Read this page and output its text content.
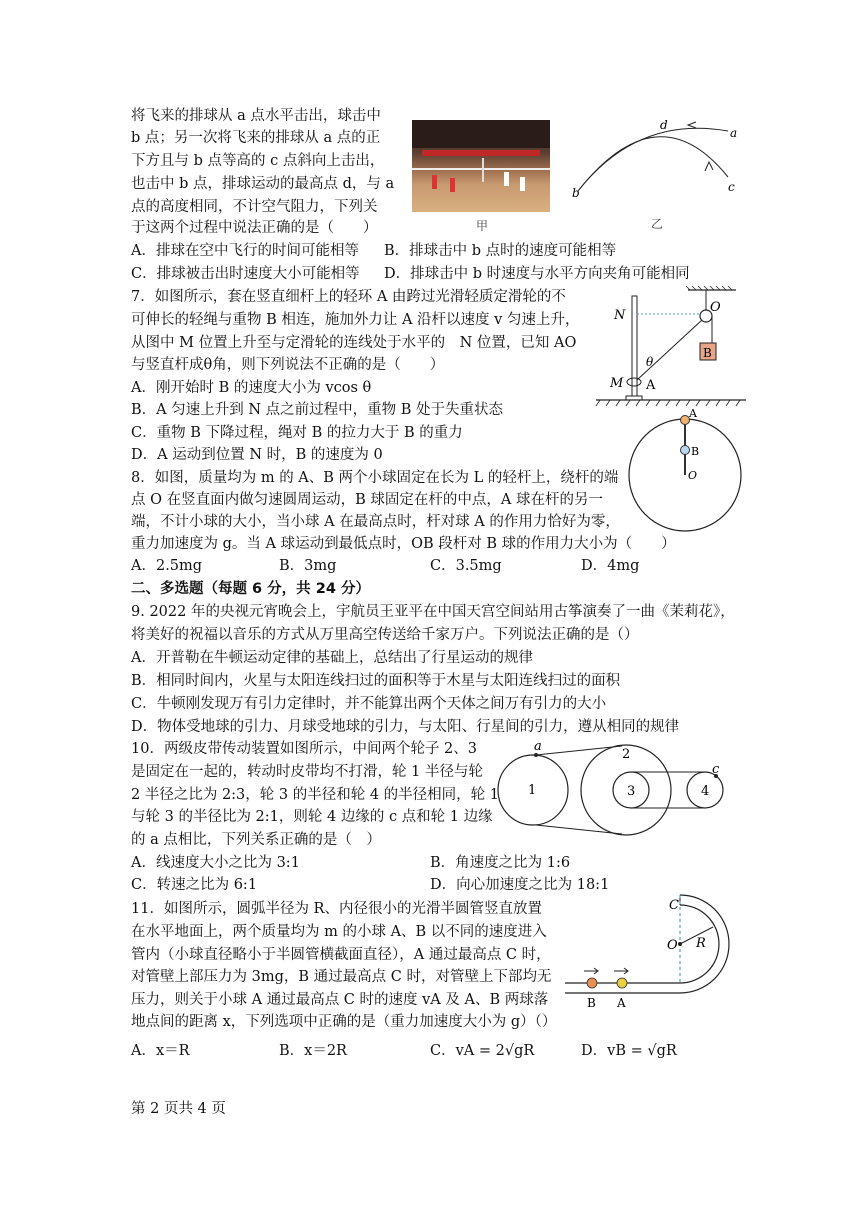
将飞来的排球从 a 点水平击出，球击中
b 点；另一次将飞来的排球从 a 点的正
下方且与 b 点等高的 c 点斜向上击出，
也击中 b 点，排球运动的最高点 d，与 a
点的高度相同，不计空气阻力，下列关
于这两个过程中说法正确的是（　　）	甲
b
d
a
c
乙
A．排球在空中飞行的时间可能相等 B．排球击中 b 点时的速度可能相等
C．排球被击出时速度大小可能相等 D．排球击中 b 时速度与水平方向夹角可能相同
7．如图所示，套在竖直细杆上的轻环 A 由跨过光滑轻质定滑轮的不
可伸长的轻绳与重物 B 相连，施加外力让 A 沿杆以速度 v 匀速上升，
从图中 M 位置上升至与定滑轮的连线处于水平的　N 位置，已知 AO
与竖直杆成θ角，则下列说法不正确的是（　　）
A．刚开始时 B 的速度大小为 vcos θ
B．A 匀速上升到 N 点之前过程中，重物 B 处于失重状态
C．重物 B 下降过程，绳对 B 的拉力大于 B 的重力
D．A 运动到位置 N 时，B 的速度为 0
B
O
N
θ
M A
8．如图，质量均为 m 的 A、B 两个小球固定在长为 L 的轻杆上，绕杆的端
点 O 在竖直面内做匀速圆周运动，B 球固定在杆的中点，A 球在杆的另一
端，不计小球的大小，当小球 A 在最高点时，杆对球 A 的作用力恰好为零，
重力加速度为 g。当 A 球运动到最低点时，OB 段杆对 B 球的作用力大小为（　　）
A．2.5mg	B．3mg	C．3.5mg	D．4mg
A
B
O
二、多选题（每题 6 分，共 24 分）
9. 2022 年的央视元宵晚会上，宇航员王亚平在中国天宫空间站用古筝演奏了一曲《茉莉花》，
将美好的祝福以音乐的方式从万里高空传送给千家万户。下列说法正确的是（）
A．开普勒在牛顿运动定律的基础上，总结出了行星运动的规律
B．相同时间内，火星与太阳连线扫过的面积等于木星与太阳连线扫过的面积
C．牛顿刚发现万有引力定律时，并不能算出两个天体之间万有引力的大小
D．物体受地球的引力、月球受地球的引力，与太阳、行星间的引力，遵从相同的规律
10．两级皮带传动装置如图所示，中间两个轮子 2、3
是固定在一起的，转动时皮带均不打滑，轮 1 半径与轮
2 半径之比为 2:3，轮 3 的半径和轮 4 的半径相同，轮 1
与轮 3 的半径比为 2:1，则轮 4 边缘的 c 点和轮 1 边缘
的 a 点相比，下列关系正确的是（　）
A．线速度大小之比为 3:1	B．角速度之比为 1:6
C．转速之比为 6:1	D．向心加速度之比为 18:1
1
2
3	4
a
c
11．如图所示，圆弧半径为 R、内径很小的光滑半圆管竖直放置
在水平地面上，两个质量均为 m 的小球 A、B 以不同的速度进入
管内（小球直径略小于半圆管横截面直径），A 通过最高点 C 时，
对管壁上部压力为 3mg，B 通过最高点 C 时，对管壁上下部均无
压力，则关于小球 A 通过最高点 C 时的速度 vA 及 A、B 两球落
地点间的距离 x，下列选项中正确的是（重力加速度大小为 g）（）
A．x＝R	B．x＝2R	C．vA = 2√gR	D．vB = √gR
C
O R
B A
第 2 页共 4 页
